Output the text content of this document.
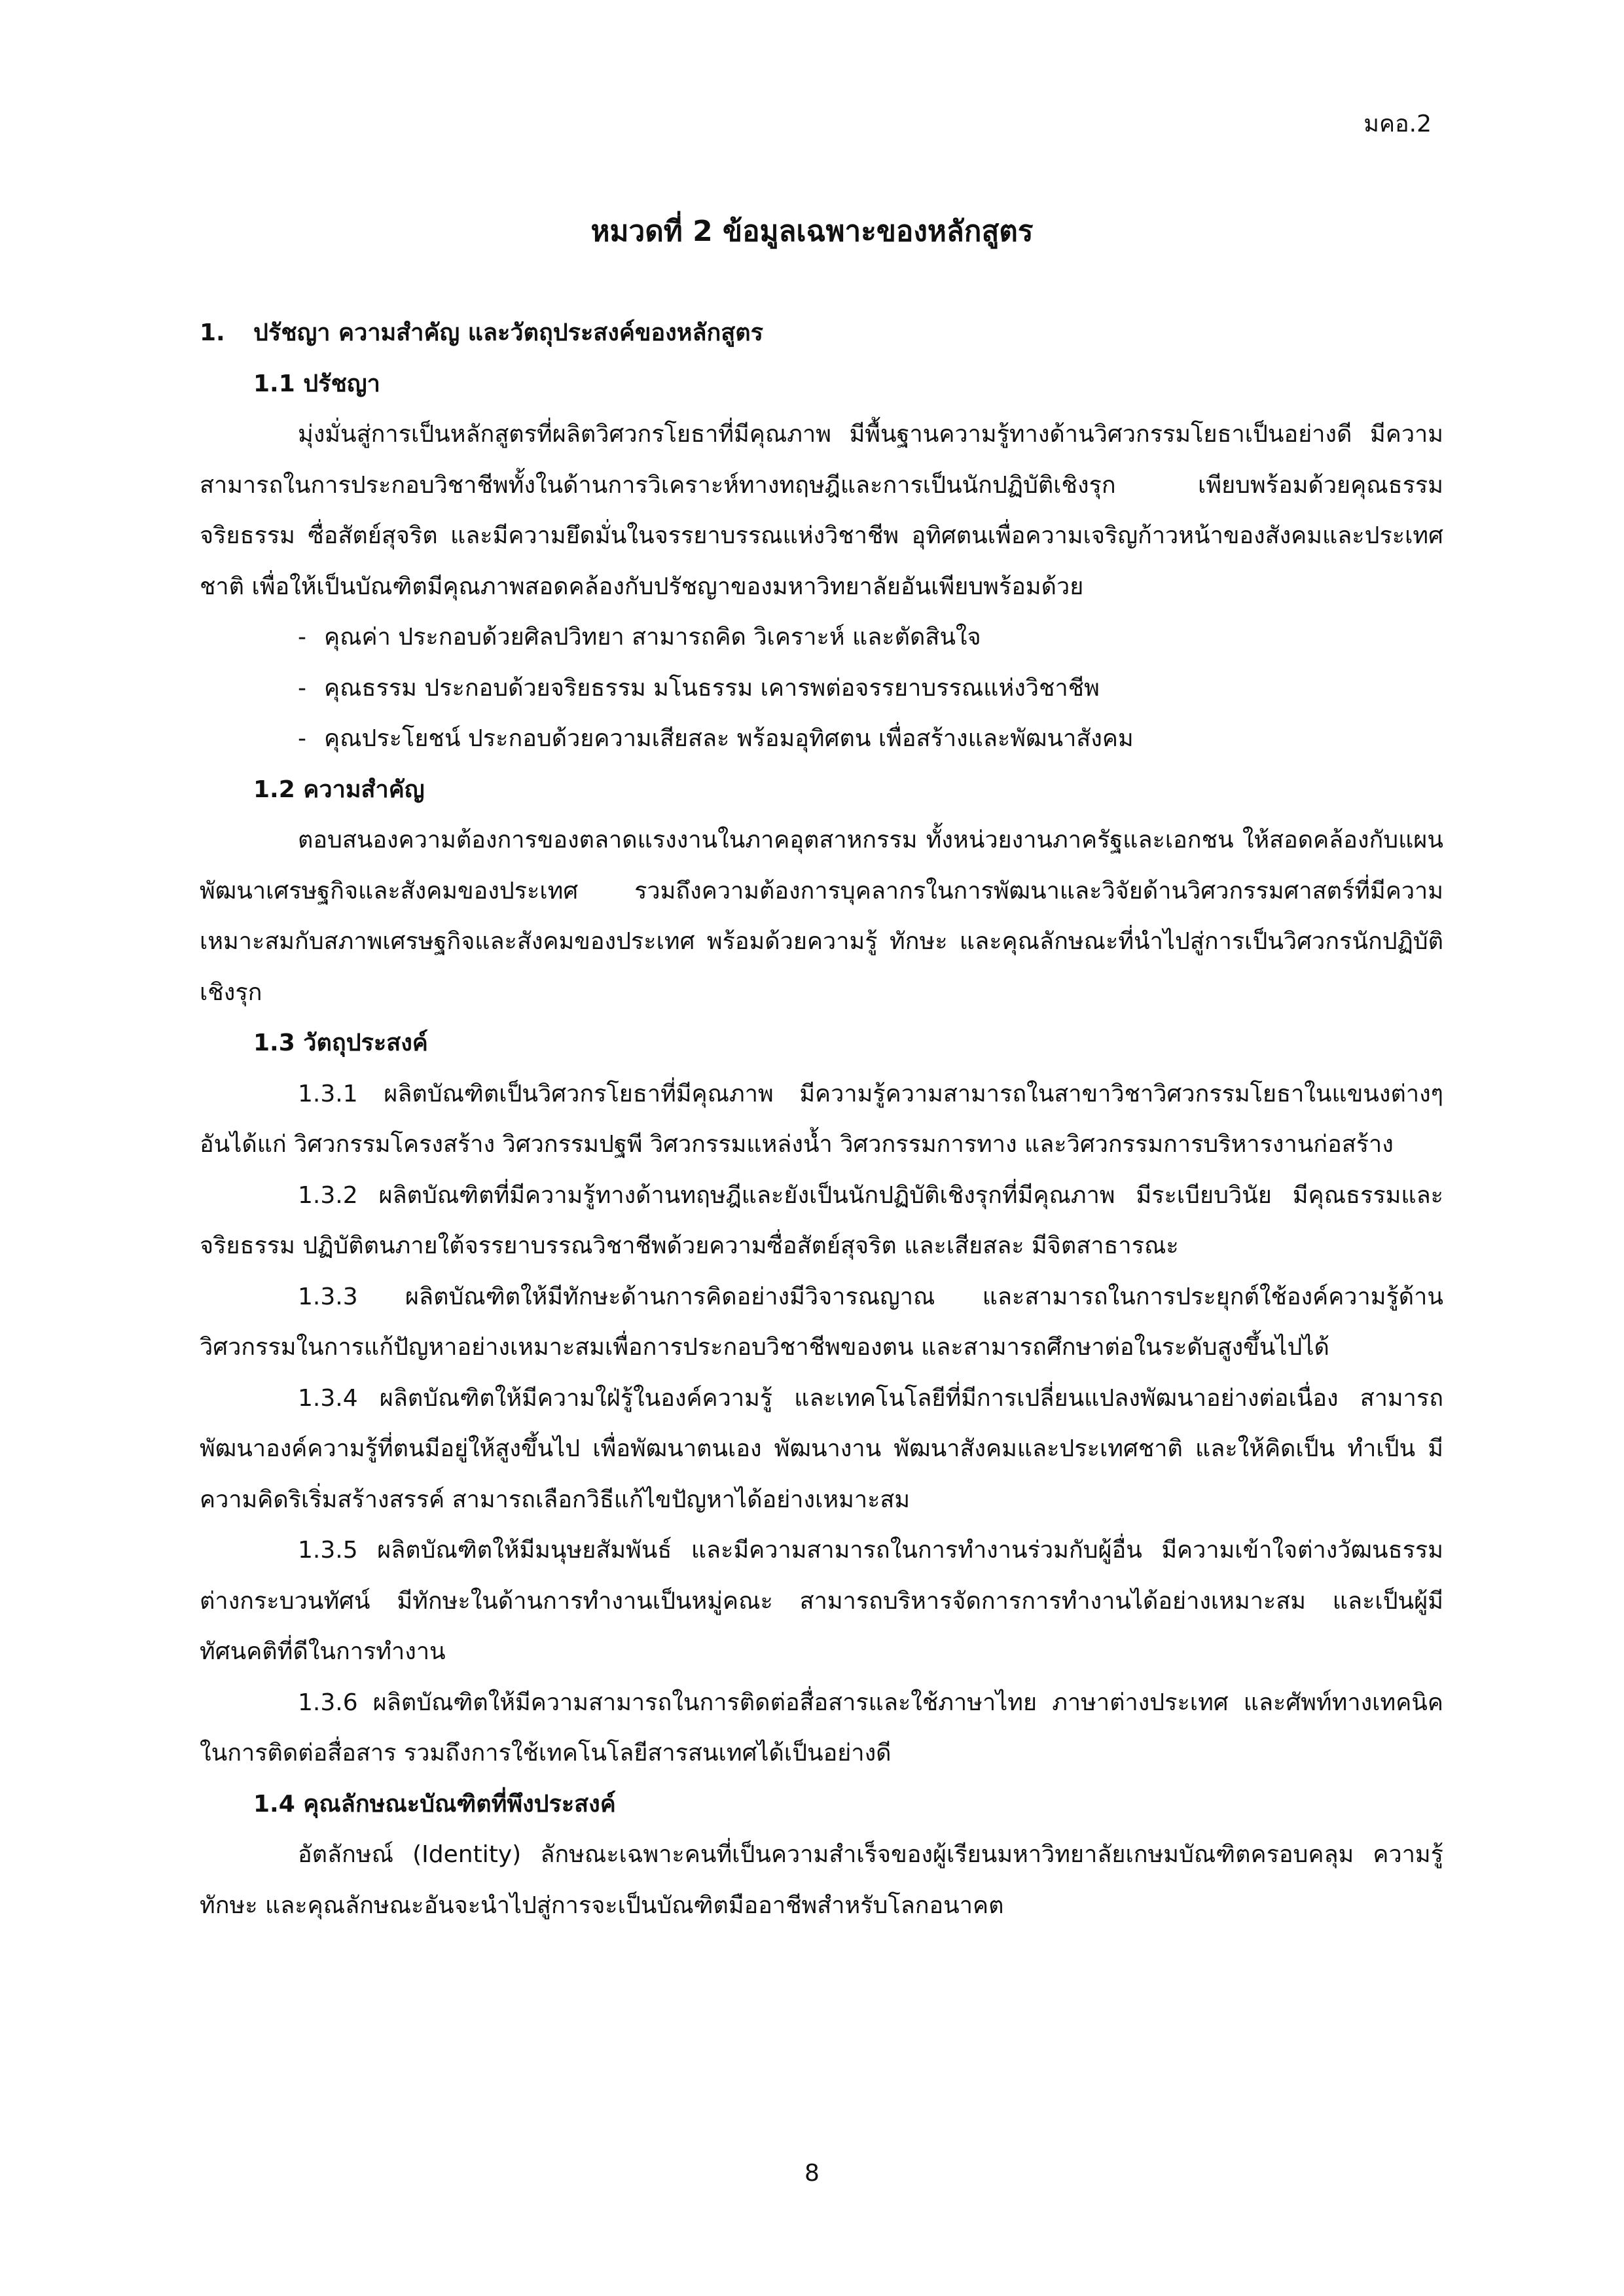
มคอ.2
หมวดที่ 2 ข้อมูลเฉพาะของหลักสูตร

1. ปรัชญา ความสำคัญ และวัตถุประสงค์ของหลักสูตร

1.1 ปรัชญา

มุ่งมั่นสู่การเป็นหลักสูตรที่ผลิตวิศวกรโยธาที่มีคุณภาพ มีพื้นฐานความรู้ทางด้านวิศวกรรมโยธาเป็นอย่างดี มีความสามารถในการประกอบวิชาชีพทั้งในด้านการวิเคราะห์ทางทฤษฎีและการเป็นนักปฏิบัติเชิงรุก เพียบพร้อมด้วยคุณธรรม จริยธรรม ซื่อสัตย์สุจริต และมีความยึดมั่นในจรรยาบรรณแห่งวิชาชีพ อุทิศตนเพื่อความเจริญก้าวหน้าของสังคมและประเทศชาติ เพื่อให้เป็นบัณฑิตมีคุณภาพสอดคล้องกับปรัชญาของมหาวิทยาลัยอันเพียบพร้อมด้วย

- คุณค่า ประกอบด้วยศิลปวิทยา สามารถคิด วิเคราะห์ และตัดสินใจ

- คุณธรรม ประกอบด้วยจริยธรรม มโนธรรม เคารพต่อจรรยาบรรณแห่งวิชาชีพ

- คุณประโยชน์ ประกอบด้วยความเสียสละ พร้อมอุทิศตน เพื่อสร้างและพัฒนาสังคม

1.2 ความสำคัญ

ตอบสนองความต้องการของตลาดแรงงานในภาคอุตสาหกรรม ทั้งหน่วยงานภาครัฐและเอกชน ให้สอดคล้องกับแผนพัฒนาเศรษฐกิจและสังคมของประเทศ รวมถึงความต้องการบุคลากรในการพัฒนาและวิจัยด้านวิศวกรรมศาสตร์ที่มีความเหมาะสมกับสภาพเศรษฐกิจและสังคมของประเทศ พร้อมด้วยความรู้ ทักษะ และคุณลักษณะที่นำไปสู่การเป็นวิศวกรนักปฏิบัติเชิงรุก

1.3 วัตถุประสงค์

1.3.1 ผลิตบัณฑิตเป็นวิศวกรโยธาที่มีคุณภาพ มีความรู้ความสามารถในสาขาวิชาวิศวกรรมโยธาในแขนงต่างๆ อันได้แก่ วิศวกรรมโครงสร้าง วิศวกรรมปฐพี วิศวกรรมแหล่งน้ำ วิศวกรรมการทาง และวิศวกรรมการบริหารงานก่อสร้าง

1.3.2 ผลิตบัณฑิตที่มีความรู้ทางด้านทฤษฎีและยังเป็นนักปฏิบัติเชิงรุกที่มีคุณภาพ มีระเบียบวินัย มีคุณธรรมและจริยธรรม ปฏิบัติตนภายใต้จรรยาบรรณวิชาชีพด้วยความซื่อสัตย์สุจริต และเสียสละ มีจิตสาธารณะ

1.3.3 ผลิตบัณฑิตให้มีทักษะด้านการคิดอย่างมีวิจารณญาณ และสามารถในการประยุกต์ใช้องค์ความรู้ด้านวิศวกรรมในการแก้ปัญหาอย่างเหมาะสมเพื่อการประกอบวิชาชีพของตน และสามารถศึกษาต่อในระดับสูงขึ้นไปได้

1.3.4 ผลิตบัณฑิตให้มีความใฝ่รู้ในองค์ความรู้ และเทคโนโลยีที่มีการเปลี่ยนแปลงพัฒนาอย่างต่อเนื่อง สามารถพัฒนาองค์ความรู้ที่ตนมีอยู่ให้สูงขึ้นไป เพื่อพัฒนาตนเอง พัฒนางาน พัฒนาสังคมและประเทศชาติ และให้คิดเป็น ทำเป็น มีความคิดริเริ่มสร้างสรรค์ สามารถเลือกวิธีแก้ไขปัญหาได้อย่างเหมาะสม

1.3.5 ผลิตบัณฑิตให้มีมนุษยสัมพันธ์ และมีความสามารถในการทำงานร่วมกับผู้อื่น มีความเข้าใจต่างวัฒนธรรม ต่างกระบวนทัศน์ มีทักษะในด้านการทำงานเป็นหมู่คณะ สามารถบริหารจัดการการทำงานได้อย่างเหมาะสม และเป็นผู้มีทัศนคติที่ดีในการทำงาน

1.3.6 ผลิตบัณฑิตให้มีความสามารถในการติดต่อสื่อสารและใช้ภาษาไทย ภาษาต่างประเทศ และศัพท์ทางเทคนิคในการติดต่อสื่อสาร รวมถึงการใช้เทคโนโลยีสารสนเทศได้เป็นอย่างดี

1.4 คุณลักษณะบัณฑิตที่พึงประสงค์

อัตลักษณ์ (Identity) ลักษณะเฉพาะคนที่เป็นความสำเร็จของผู้เรียนมหาวิทยาลัยเกษมบัณฑิตครอบคลุม ความรู้ ทักษะ และคุณลักษณะอันจะนำไปสู่การจะเป็นบัณฑิตมืออาชีพสำหรับโลกอนาคต

8
